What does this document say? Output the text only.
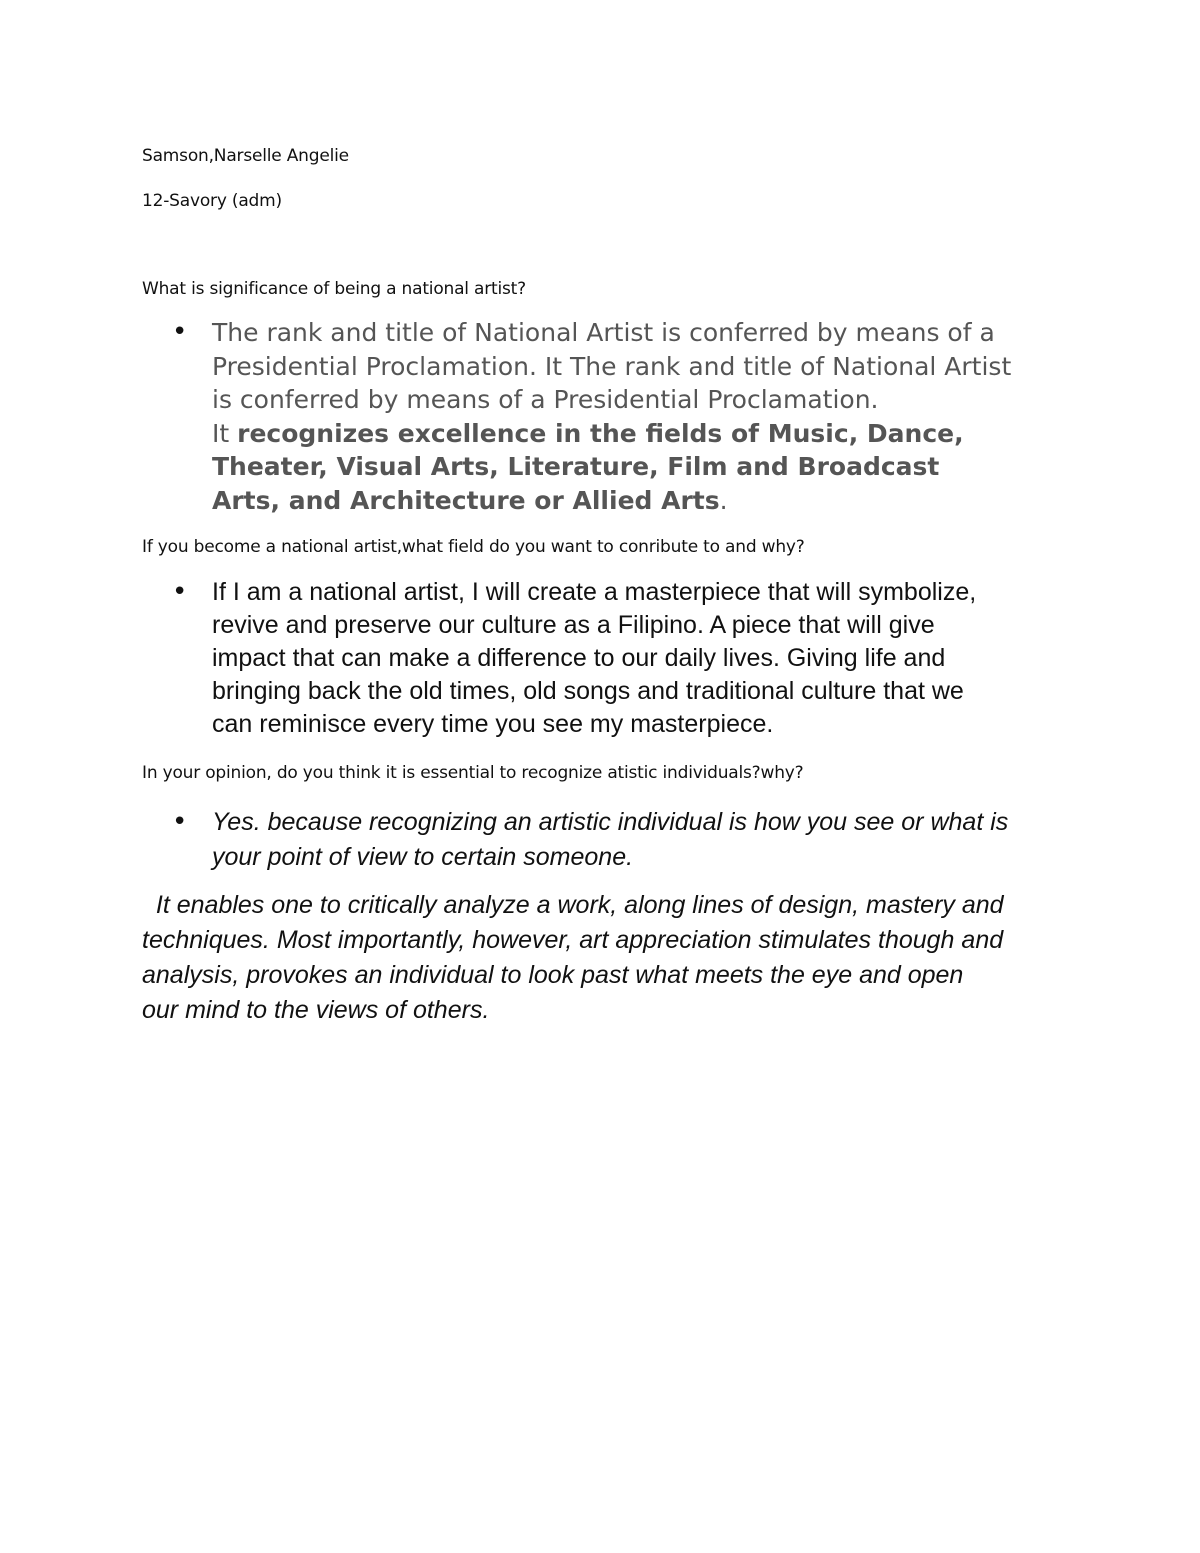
Samson,Narselle Angelie
12-Savory (adm)
What is significance of being a national artist?
• The rank and title of National Artist is conferred by means of a
Presidential Proclamation. It The rank and title of National Artist
is conferred by means of a Presidential Proclamation.
It recognizes excellence in the fields of Music, Dance,
Theater, Visual Arts, Literature, Film and Broadcast
Arts, and Architecture or Allied Arts.
If you become a national artist,what field do you want to conribute to and why?
• If I am a national artist, I will create a masterpiece that will symbolize,
revive and preserve our culture as a Filipino. A piece that will give
impact that can make a difference to our daily lives. Giving life and
bringing back the old times, old songs and traditional culture that we
can reminisce every time you see my masterpiece.
In your opinion, do you think it is essential to recognize atistic individuals?why?
• Yes. because recognizing an artistic individual is how you see or what is
your point of view to certain someone.
It enables one to critically analyze a work, along lines of design, mastery and
techniques. Most importantly, however, art appreciation stimulates though and
analysis, provokes an individual to look past what meets the eye and open
our mind to the views of others.
